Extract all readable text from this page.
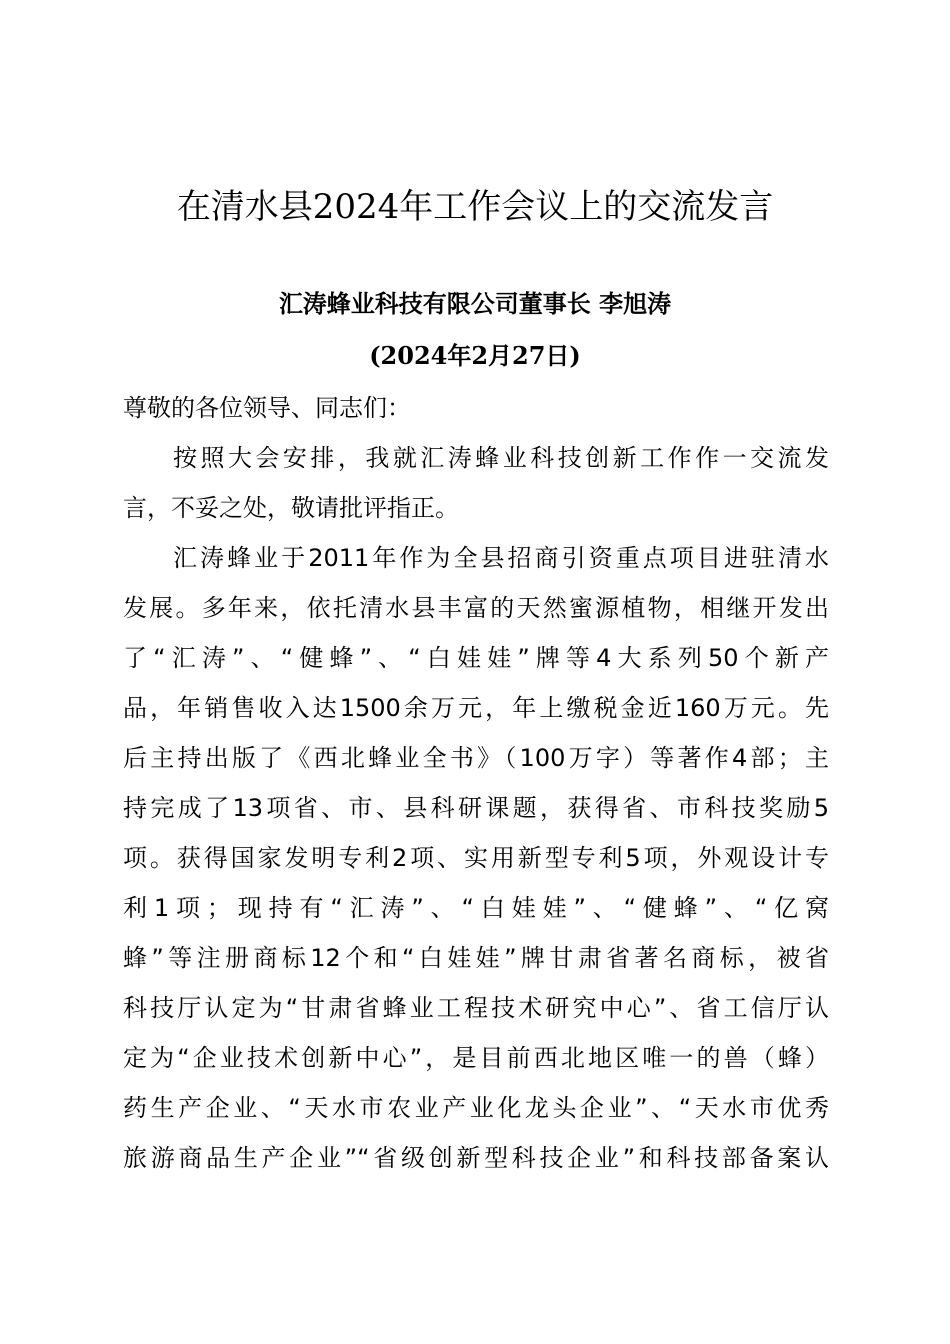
在清水县2024年工作会议上的交流发言
汇涛蜂业科技有限公司董事长 李旭涛
(2024年2月27日)
尊敬的各位领导、同志们：
按照大会安排，我就汇涛蜂业科技创新工作作一交流发
言，不妥之处，敬请批评指正。
汇涛蜂业于2011年作为全县招商引资重点项目进驻清水
发展。多年来，依托清水县丰富的天然蜜源植物，相继开发出
了“汇涛”、“健蜂”、“白娃娃”牌等4大系列50个新产
品，年销售收入达1500余万元，年上缴税金近160万元。先
后主持出版了《西北蜂业全书》（100万字）等著作4部；主
持完成了13项省、市、县科研课题，获得省、市科技奖励5
项。获得国家发明专利2项、实用新型专利5项，外观设计专
利1项；现持有“汇涛”、“白娃娃”、“健蜂”、“亿窝
蜂”等注册商标12个和“白娃娃”牌甘肃省著名商标，被省
科技厅认定为“甘肃省蜂业工程技术研究中心”、省工信厅认
定为“企业技术创新中心”，是目前西北地区唯一的兽（蜂）
药生产企业、“天水市农业产业化龙头企业”、“天水市优秀
旅游商品生产企业”“省级创新型科技企业”和科技部备案认
